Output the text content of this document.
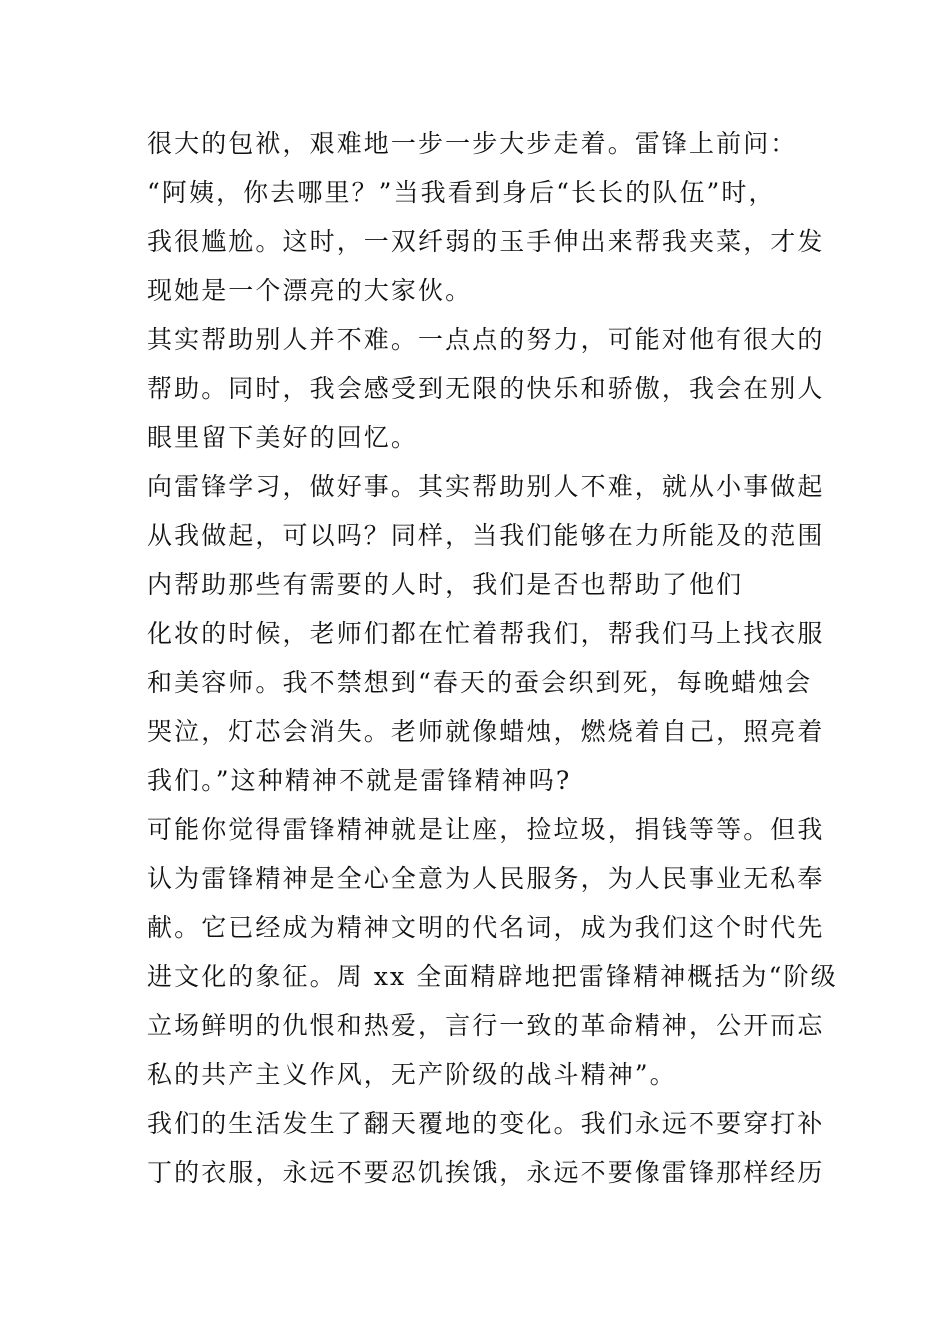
很大的包袱，艰难地一步一步大步走着。雷锋上前问：
“阿姨，你去哪里？”当我看到身后“长长的队伍”时，
我很尴尬。这时，一双纤弱的玉手伸出来帮我夹菜，才发
现她是一个漂亮的大家伙。
其实帮助别人并不难。一点点的努力，可能对他有很大的
帮助。同时，我会感受到无限的快乐和骄傲，我会在别人
眼里留下美好的回忆。
向雷锋学习，做好事。其实帮助别人不难，就从小事做起
从我做起，可以吗？同样，当我们能够在力所能及的范围
内帮助那些有需要的人时，我们是否也帮助了他们
化妆的时候，老师们都在忙着帮我们，帮我们马上找衣服
和美容师。我不禁想到“春天的蚕会织到死，每晚蜡烛会
哭泣，灯芯会消失。老师就像蜡烛，燃烧着自己，照亮着
我们。”这种精神不就是雷锋精神吗?
可能你觉得雷锋精神就是让座，捡垃圾，捐钱等等。但我
认为雷锋精神是全心全意为人民服务，为人民事业无私奉
献。它已经成为精神文明的代名词，成为我们这个时代先
进文化的象征。周 xx 全面精辟地把雷锋精神概括为“阶级
立场鲜明的仇恨和热爱，言行一致的革命精神，公开而忘
私的共产主义作风，无产阶级的战斗精神”。
我们的生活发生了翻天覆地的变化。我们永远不要穿打补
丁的衣服，永远不要忍饥挨饿，永远不要像雷锋那样经历
